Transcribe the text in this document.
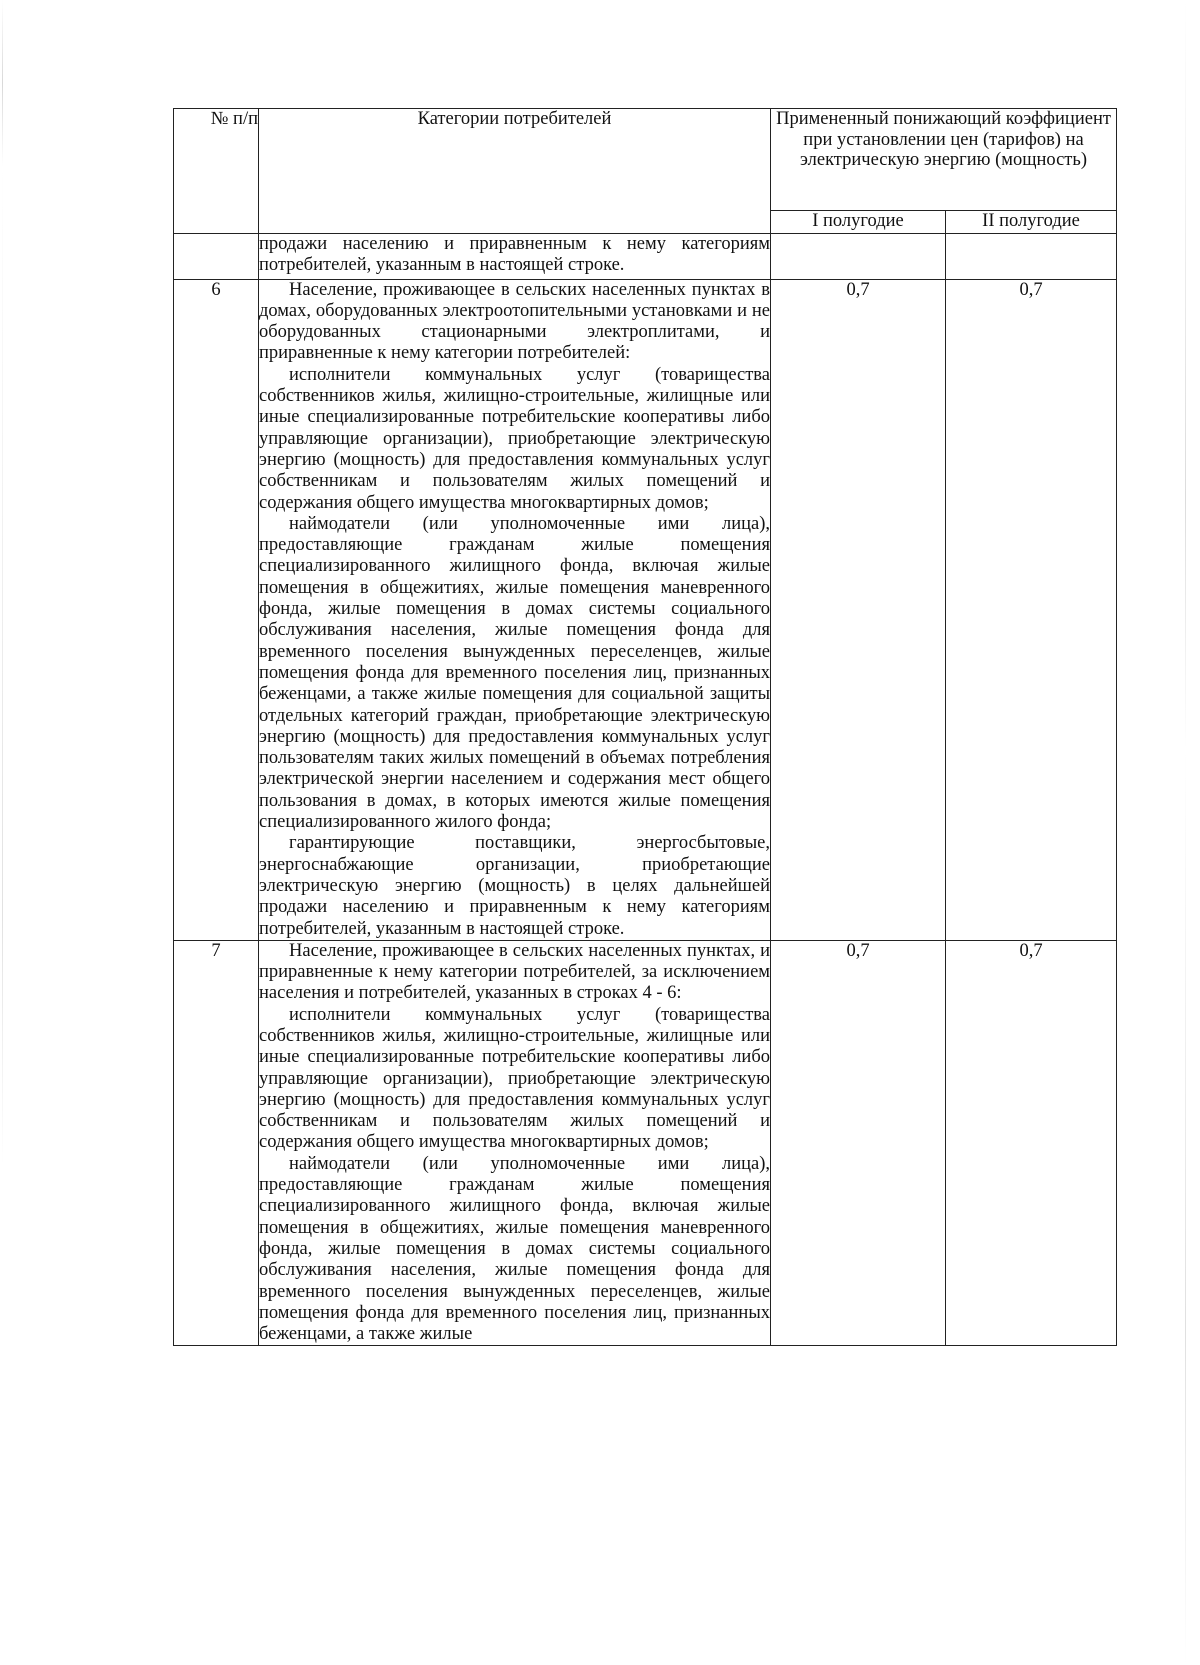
№ п/п	Категории потребителей	Примененный понижающий коэффициент при установлении цен (тарифов) на электрическую энергию (мощность)	
		I полугодие	II полугодие

	продажи населению и приравненным к нему категориям потребителей, указанным в настоящей строке.		

6	Население, проживающее в сельских населенных пунктах в домах, оборудованных электроотопительными установками и не оборудованных стационарными электроплитами, и приравненные к нему категории потребителей:

исполнители коммунальных услуг (товарищества собственников жилья, жилищно-строительные, жилищные или иные специализированные потребительские кооперативы либо управляющие организации), приобретающие электрическую энергию (мощность) для предоставления коммунальных услуг собственникам и пользователям жилых помещений и содержания общего имущества многоквартирных домов;

наймодатели (или уполномоченные ими лица), предоставляющие гражданам жилые помещения специализированного жилищного фонда, включая жилые помещения в общежитиях, жилые помещения маневренного фонда, жилые помещения в домах системы социального обслуживания населения, жилые помещения фонда для временного поселения вынужденных переселенцев, жилые помещения фонда для временного поселения лиц, признанных беженцами, а также жилые помещения для социальной защиты отдельных категорий граждан, приобретающие электрическую энергию (мощность) для предоставления коммунальных услуг пользователям таких жилых помещений в объемах потребления электрической энергии населением и содержания мест общего пользования в домах, в которых имеются жилые помещения специализированного жилого фонда;

гарантирующие поставщики, энергосбытовые, энергоснабжающие организации, приобретающие электрическую энергию (мощность) в целях дальнейшей продажи населению и приравненным к нему категориям потребителей, указанным в настоящей строке.	0,7	0,7
7	Население, проживающее в сельских населенных пунктах, и приравненные к нему категории потребителей, за исключением населения и потребителей, указанных в строках 4 - 6:

исполнители коммунальных услуг (товарищества собственников жилья, жилищно-строительные, жилищные или иные специализированные потребительские кооперативы либо управляющие организации), приобретающие электрическую энергию (мощность) для предоставления коммунальных услуг собственникам и пользователям жилых помещений и содержания общего имущества многоквартирных домов;

наймодатели (или уполномоченные ими лица), предоставляющие гражданам жилые помещения специализированного жилищного фонда, включая жилые помещения в общежитиях, жилые помещения маневренного фонда, жилые помещения в домах системы социального обслуживания населения, жилые помещения фонда для временного поселения вынужденных переселенцев, жилые помещения фонда для временного поселения лиц, признанных беженцами, а также жилые	0,7	0,7
